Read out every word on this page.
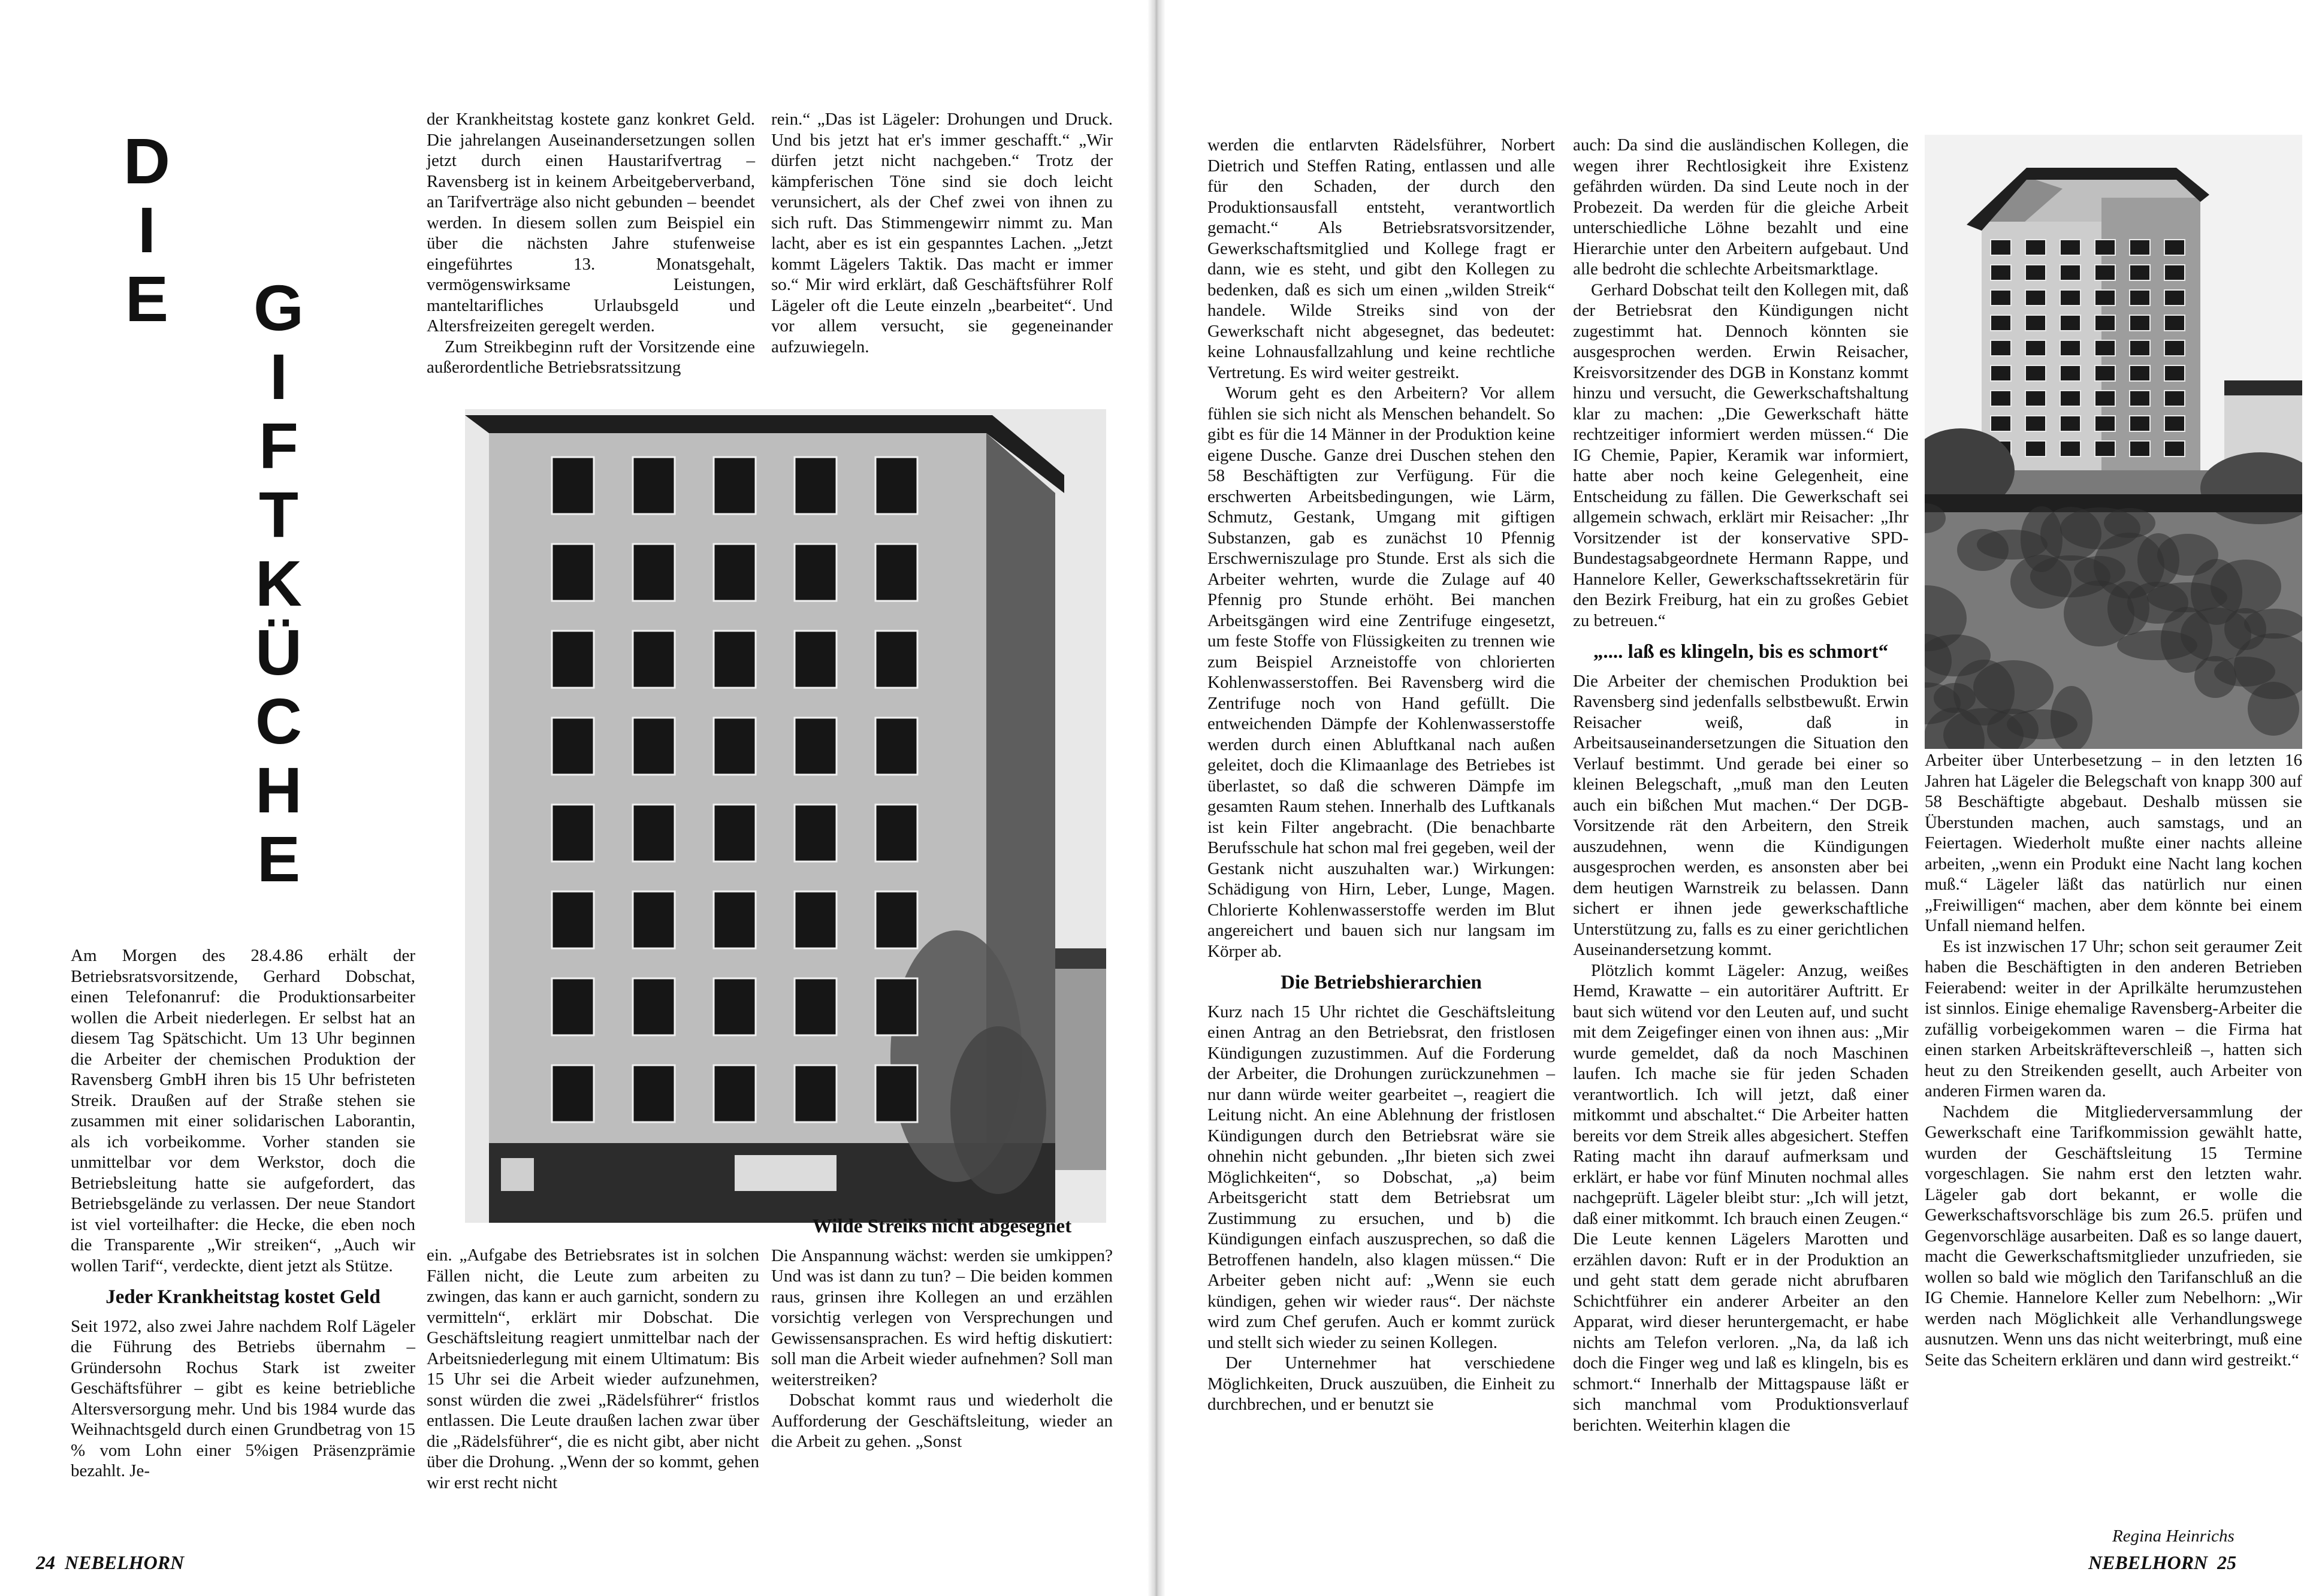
D
I
E G
I
F
T
K
Ü
C
H
E

Am Morgen des 28.4.86 erhält der Betriebsratsvorsitzende, Gerhard Dobschat, einen Telefonanruf: die Produktionsarbeiter wollen die Arbeit niederlegen. Er selbst hat an diesem Tag Spätschicht. Um 13 Uhr beginnen die Arbeiter der chemischen Produktion der Ravensberg GmbH ihren bis 15 Uhr befristeten Streik. Draußen auf der Straße stehen sie zusammen mit einer solidarischen Laborantin, als ich vorbeikomme. Vorher standen sie unmittelbar vor dem Werkstor, doch die Betriebsleitung hatte sie aufgefordert, das Betriebsgelände zu verlassen. Der neue Standort ist viel vorteilhafter: die Hecke, die eben noch die Transparente „Wir streiken“, „Auch wir wollen Tarif“, verdeckte, dient jetzt als Stütze.

Jeder Krankheitstag kostet Geld

Seit 1972, also zwei Jahre nachdem Rolf Lägeler die Führung des Betriebs übernahm – Gründersohn Rochus Stark ist zweiter Geschäftsführer – gibt es keine betriebliche Altersversorgung mehr. Und bis 1984 wurde das Weihnachtsgeld durch einen Grundbetrag von 15 % vom Lohn einer 5%igen Präsenzprämie bezahlt. Je-

der Krankheitstag kostete ganz konkret Geld. Die jahrelangen Auseinandersetzungen sollen jetzt durch einen Haustarifvertrag – Ravensberg ist in keinem Arbeitgeberverband, an Tarifverträge also nicht gebunden – beendet werden. In diesem sollen zum Beispiel ein über die nächsten Jahre stufenweise eingeführtes 13. Monatsgehalt, vermögenswirksame Leistungen, manteltarifliches Urlaubsgeld und Altersfreizeiten geregelt werden.

Zum Streikbeginn ruft der Vorsitzende eine außerordentliche Betriebsratssitzung

rein.“ „Das ist Lägeler: Drohungen und Druck. Und bis jetzt hat er's immer geschafft.“ „Wir dürfen jetzt nicht nachgeben.“ Trotz der kämpferischen Töne sind sie doch leicht verunsichert, als der Chef zwei von ihnen zu sich ruft. Das Stimmengewirr nimmt zu. Man lacht, aber es ist ein gespanntes Lachen. „Jetzt kommt Lägelers Taktik. Das macht er immer so.“ Mir wird erklärt, daß Geschäftsführer Rolf Lägeler oft die Leute einzeln „bearbeitet“. Und vor allem versucht, sie gegeneinander aufzuwiegeln.

ein. „Aufgabe des Betriebsrates ist in solchen Fällen nicht, die Leute zum arbeiten zu zwingen, das kann er auch garnicht, sondern zu vermitteln“, erklärt mir Dobschat. Die Geschäftsleitung reagiert unmittelbar nach der Arbeitsniederlegung mit einem Ultimatum: Bis 15 Uhr sei die Arbeit wieder aufzunehmen, sonst würden die zwei „Rädelsführer“ fristlos entlassen. Die Leute draußen lachen zwar über die „Rädelsführer“, die es nicht gibt, aber nicht über die Drohung. „Wenn der so kommt, gehen wir erst recht nicht

Wilde Streiks nicht abgesegnet

Die Anspannung wächst: werden sie umkippen? Und was ist dann zu tun? – Die beiden kommen raus, grinsen ihre Kollegen an und erzählen vorsichtig verlegen von Versprechungen und Gewissensansprachen. Es wird heftig diskutiert: soll man die Arbeit wieder aufnehmen? Soll man weiterstreiken?

Dobschat kommt raus und wiederholt die Aufforderung der Geschäftsleitung, wieder an die Arbeit zu gehen. „Sonst

24  NEBELHORN

werden die entlarvten Rädelsführer, Norbert Dietrich und Steffen Rating, entlassen und alle für den Schaden, der durch den Produktionsausfall entsteht, verantwortlich gemacht.“ Als Betriebsratsvorsitzender, Gewerkschaftsmitglied und Kollege fragt er dann, wie es steht, und gibt den Kollegen zu bedenken, daß es sich um einen „wilden Streik“ handele. Wilde Streiks sind von der Gewerkschaft nicht abgesegnet, das bedeutet: keine Lohnausfallzahlung und keine rechtliche Vertretung. Es wird weiter gestreikt.

Worum geht es den Arbeitern? Vor allem fühlen sie sich nicht als Menschen behandelt. So gibt es für die 14 Männer in der Produktion keine eigene Dusche. Ganze drei Duschen stehen den 58 Beschäftigten zur Verfügung. Für die erschwerten Arbeitsbedingungen, wie Lärm, Schmutz, Gestank, Umgang mit giftigen Substanzen, gab es zunächst 10 Pfennig Erschwerniszulage pro Stunde. Erst als sich die Arbeiter wehrten, wurde die Zulage auf 40 Pfennig pro Stunde erhöht. Bei manchen Arbeitsgängen wird eine Zentrifuge eingesetzt, um feste Stoffe von Flüssigkeiten zu trennen wie zum Beispiel Arzneistoffe von chlorierten Kohlenwasserstoffen. Bei Ravensberg wird die Zentrifuge noch von Hand gefüllt. Die entweichenden Dämpfe der Kohlenwasserstoffe werden durch einen Abluftkanal nach außen geleitet, doch die Klimaanlage des Betriebes ist überlastet, so daß die schweren Dämpfe im gesamten Raum stehen. Innerhalb des Luftkanals ist kein Filter angebracht. (Die benachbarte Berufsschule hat schon mal frei gegeben, weil der Gestank nicht auszuhalten war.) Wirkungen: Schädigung von Hirn, Leber, Lunge, Magen. Chlorierte Kohlenwasserstoffe werden im Blut angereichert und bauen sich nur langsam im Körper ab.

Die Betriebshierarchien

Kurz nach 15 Uhr richtet die Geschäftsleitung einen Antrag an den Betriebsrat, den fristlosen Kündigungen zuzustimmen. Auf die Forderung der Arbeiter, die Drohungen zurückzunehmen – nur dann würde weiter gearbeitet –, reagiert die Leitung nicht. An eine Ablehnung der fristlosen Kündigungen durch den Betriebsrat wäre sie ohnehin nicht gebunden. „Ihr bieten sich zwei Möglichkeiten“, so Dobschat, „a) beim Arbeitsgericht statt dem Betriebsrat um Zustimmung zu ersuchen, und b) die Kündigungen einfach auszusprechen, so daß die Betroffenen handeln, also klagen müssen.“ Die Arbeiter geben nicht auf: „Wenn sie euch kündigen, gehen wir wieder raus“. Der nächste wird zum Chef gerufen. Auch er kommt zurück und stellt sich wieder zu seinen Kollegen.

Der Unternehmer hat verschiedene Möglichkeiten, Druck auszuüben, die Einheit zu durchbrechen, und er benutzt sie

auch: Da sind die ausländischen Kollegen, die wegen ihrer Rechtlosigkeit ihre Existenz gefährden würden. Da sind Leute noch in der Probezeit. Da werden für die gleiche Arbeit unterschiedliche Löhne bezahlt und eine Hierarchie unter den Arbeitern aufgebaut. Und alle bedroht die schlechte Arbeitsmarktlage.

Gerhard Dobschat teilt den Kollegen mit, daß der Betriebsrat den Kündigungen nicht zugestimmt hat. Dennoch könnten sie ausgesprochen werden. Erwin Reisacher, Kreisvorsitzender des DGB in Konstanz kommt hinzu und versucht, die Gewerkschaftshaltung klar zu machen: „Die Gewerkschaft hätte rechtzeitiger informiert werden müssen.“ Die IG Chemie, Papier, Keramik war informiert, hatte aber noch keine Gelegenheit, eine Entscheidung zu fällen. Die Gewerkschaft sei allgemein schwach, erklärt mir Reisacher: „Ihr Vorsitzender ist der konservative SPD-Bundestagsabgeordnete Hermann Rappe, und Hannelore Keller, Gewerkschaftssekretärin für den Bezirk Freiburg, hat ein zu großes Gebiet zu betreuen.“

„.... laß es klingeln, bis es schmort“

Die Arbeiter der chemischen Produktion bei Ravensberg sind jedenfalls selbstbewußt. Erwin Reisacher weiß, daß in Arbeitsauseinandersetzungen die Situation den Verlauf bestimmt. Und gerade bei einer so kleinen Belegschaft, „muß man den Leuten auch ein bißchen Mut machen.“ Der DGB-Vorsitzende rät den Arbeitern, den Streik auszudehnen, wenn die Kündigungen ausgesprochen werden, es ansonsten aber bei dem heutigen Warnstreik zu belassen. Dann sichert er ihnen jede gewerkschaftliche Unterstützung zu, falls es zu einer gerichtlichen Auseinandersetzung kommt.

Plötzlich kommt Lägeler: Anzug, weißes Hemd, Krawatte – ein autoritärer Auftritt. Er baut sich wütend vor den Leuten auf, und sucht mit dem Zeigefinger einen von ihnen aus: „Mir wurde gemeldet, daß da noch Maschinen laufen. Ich mache sie für jeden Schaden verantwortlich. Ich will jetzt, daß einer mitkommt und abschaltet.“ Die Arbeiter hatten bereits vor dem Streik alles abgesichert. Steffen Rating macht ihn darauf aufmerksam und erklärt, er habe vor fünf Minuten nochmal alles nachgeprüft. Lägeler bleibt stur: „Ich will jetzt, daß einer mitkommt. Ich brauch einen Zeugen.“ Die Leute kennen Lägelers Marotten und erzählen davon: Ruft er in der Produktion an und geht statt dem gerade nicht abrufbaren Schichtführer ein anderer Arbeiter an den Apparat, wird dieser heruntergemacht, er habe nichts am Telefon verloren. „Na, da laß ich doch die Finger weg und laß es klingeln, bis es schmort.“ Innerhalb der Mittagspause läßt er sich manchmal vom Produktionsverlauf berichten. Weiterhin klagen die

Arbeiter über Unterbesetzung – in den letzten 16 Jahren hat Lägeler die Belegschaft von knapp 300 auf 58 Beschäftigte abgebaut. Deshalb müssen sie Überstunden machen, auch samstags, und an Feiertagen. Wiederholt mußte einer nachts alleine arbeiten, „wenn ein Produkt eine Nacht lang kochen muß.“ Lägeler läßt das natürlich nur einen „Freiwilligen“ machen, aber dem könnte bei einem Unfall niemand helfen.

Es ist inzwischen 17 Uhr; schon seit geraumer Zeit haben die Beschäftigten in den anderen Betrieben Feierabend: weiter in der Aprilkälte herumzustehen ist sinnlos. Einige ehemalige Ravensberg-Arbeiter die zufällig vorbeigekommen waren – die Firma hat einen starken Arbeitskräfteverschleiß –, hatten sich heut zu den Streikenden gesellt, auch Arbeiter von anderen Firmen waren da.

Nachdem die Mitgliederversammlung der Gewerkschaft eine Tarifkommission gewählt hatte, wurden der Geschäftsleitung 15 Termine vorgeschlagen. Sie nahm erst den letzten wahr. Lägeler gab dort bekannt, er wolle die Gewerkschaftsvorschläge bis zum 26.5. prüfen und Gegenvorschläge ausarbeiten. Daß es so lange dauert, macht die Gewerkschaftsmitglieder unzufrieden, sie wollen so bald wie möglich den Tarifanschluß an die IG Chemie. Hannelore Keller zum Nebelhorn: „Wir werden nach Möglichkeit alle Verhandlungswege ausnutzen. Wenn uns das nicht weiterbringt, muß eine Seite das Scheitern erklären und dann wird gestreikt.“

Regina Heinrichs
NEBELHORN  25
